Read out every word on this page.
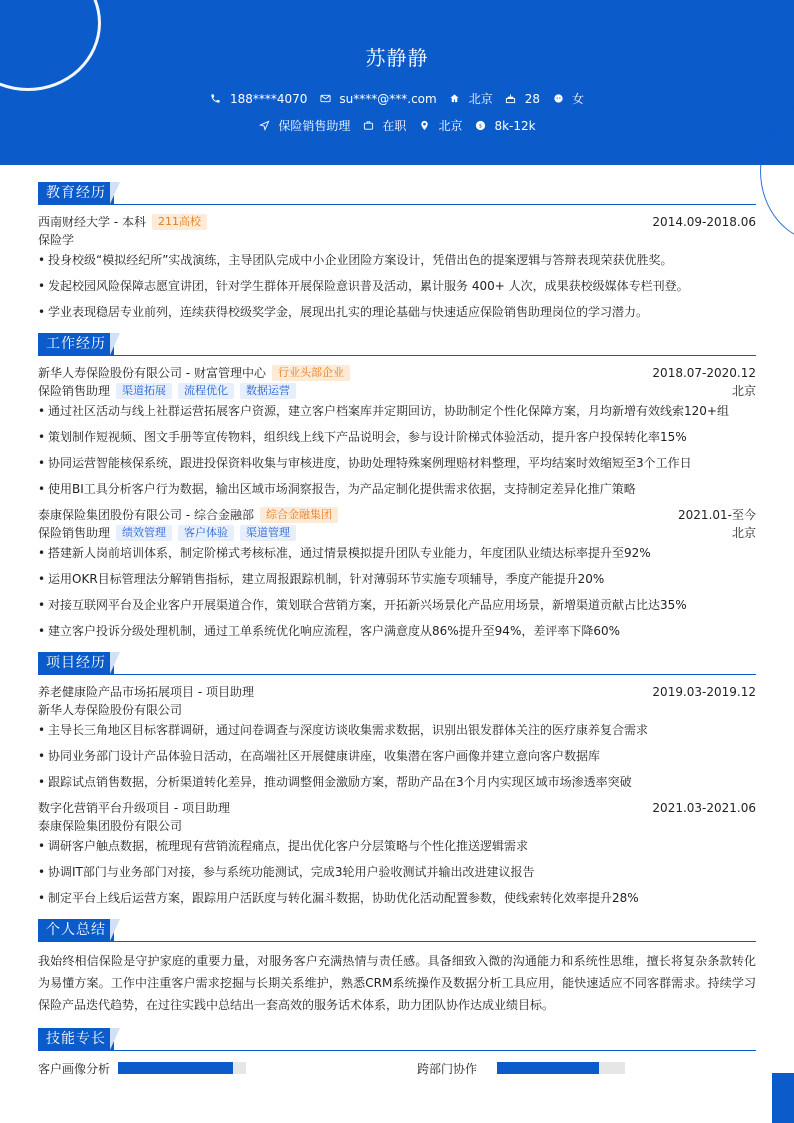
苏静静
188****4070	su****@***.com	北京	28	女
保险销售助理	在职	北京 $ 8k-12k
教育经历
西南财经大学 - 本科	211高校	2014.09-2018.06
保险学
• 投身校级“模拟经纪所”实战演练，主导团队完成中小企业团险方案设计，凭借出色的提案逻辑与答辩表现荣获优胜奖。
• 发起校园风险保障志愿宣讲团，针对学生群体开展保险意识普及活动，累计服务 400+ 人次，成果获校级媒体专栏刊登。
• 学业表现稳居专业前列，连续获得校级奖学金，展现出扎实的理论基础与快速适应保险销售助理岗位的学习潜力。
工作经历
新华人寿保险股份有限公司 - 财富管理中心	行业头部企业	2018.07-2020.12
保险销售助理	渠道拓展	流程优化	数据运营	北京
• 通过社区活动与线上社群运营拓展客户资源，建立客户档案库并定期回访，协助制定个性化保障方案，月均新增有效线索120+组
• 策划制作短视频、图文手册等宣传物料，组织线上线下产品说明会，参与设计阶梯式体验活动，提升客户投保转化率15%
• 协同运营智能核保系统，跟进投保资料收集与审核进度，协助处理特殊案例理赔材料整理，平均结案时效缩短至3个工作日
• 使用BI工具分析客户行为数据，输出区域市场洞察报告，为产品定制化提供需求依据，支持制定差异化推广策略
泰康保险集团股份有限公司 - 综合金融部	综合金融集团	2021.01-至今
保险销售助理	绩效管理	客户体验	渠道管理	北京
• 搭建新人岗前培训体系，制定阶梯式考核标准，通过情景模拟提升团队专业能力，年度团队业绩达标率提升至92%
• 运用OKR目标管理法分解销售指标，建立周报跟踪机制，针对薄弱环节实施专项辅导，季度产能提升20%
• 对接互联网平台及企业客户开展渠道合作，策划联合营销方案，开拓新兴场景化产品应用场景，新增渠道贡献占比达35%
• 建立客户投诉分级处理机制，通过工单系统优化响应流程，客户满意度从86%提升至94%，差评率下降60%
项目经历
养老健康险产品市场拓展项目 - 项目助理	2019.03-2019.12
新华人寿保险股份有限公司
• 主导长三角地区目标客群调研，通过问卷调查与深度访谈收集需求数据，识别出银发群体关注的医疗康养复合需求
• 协同业务部门设计产品体验日活动，在高端社区开展健康讲座，收集潜在客户画像并建立意向客户数据库
• 跟踪试点销售数据，分析渠道转化差异，推动调整佣金激励方案，帮助产品在3个月内实现区域市场渗透率突破
数字化营销平台升级项目 - 项目助理	2021.03-2021.06
泰康保险集团股份有限公司
• 调研客户触点数据，梳理现有营销流程痛点，提出优化客户分层策略与个性化推送逻辑需求
• 协调IT部门与业务部门对接，参与系统功能测试，完成3轮用户验收测试并输出改进建议报告
• 制定平台上线后运营方案，跟踪用户活跃度与转化漏斗数据，协助优化活动配置参数，使线索转化效率提升28%
个人总结
我始终相信保险是守护家庭的重要力量，对服务客户充满热情与责任感。具备细致入微的沟通能力和系统性思维，擅长将复杂条款转化为易懂方案。工作中注重客户需求挖掘与长期关系维护，熟悉CRM系统操作及数据分析工具应用，能快速适应不同客群需求。持续学习保险产品迭代趋势，在过往实践中总结出一套高效的服务话术体系，助力团队协作达成业绩目标。
技能专长
客户画像分析	跨部门协作
